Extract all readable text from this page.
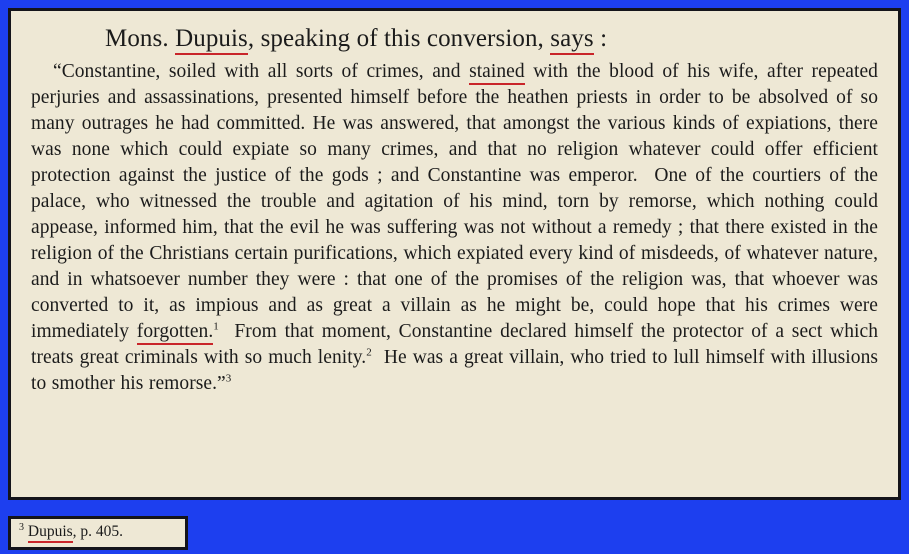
Mons. Dupuis, speaking of this conversion, says :

“Constantine, soiled with all sorts of crimes, and stained with the blood of his wife, after repeated perjuries and assassinations, presented himself before the heathen priests in order to be absolved of so many outrages he had committed. He was answered, that amongst the various kinds of expiations, there was none which could expiate so many crimes, and that no religion whatever could offer efficient protection against the justice of the gods ; and Constantine was emperor. One of the courtiers of the palace, who witnessed the trouble and agitation of his mind, torn by remorse, which nothing could appease, informed him, that the evil he was suffering was not without a remedy ; that there existed in the religion of the Christians certain purifications, which expiated every kind of misdeeds, of whatever nature, and in whatsoever number they were : that one of the promises of the religion was, that whoever was converted to it, as impious and as great a villain as he might be, could hope that his crimes were immediately forgotten.$^1$ From that moment, Constantine declared himself the protector of a sect which treats great criminals with so much lenity.$^2$ He was a great villain, who tried to lull himself with illusions to smother his remorse.”$^3$

$^3$ Dupuis, p. 405.
